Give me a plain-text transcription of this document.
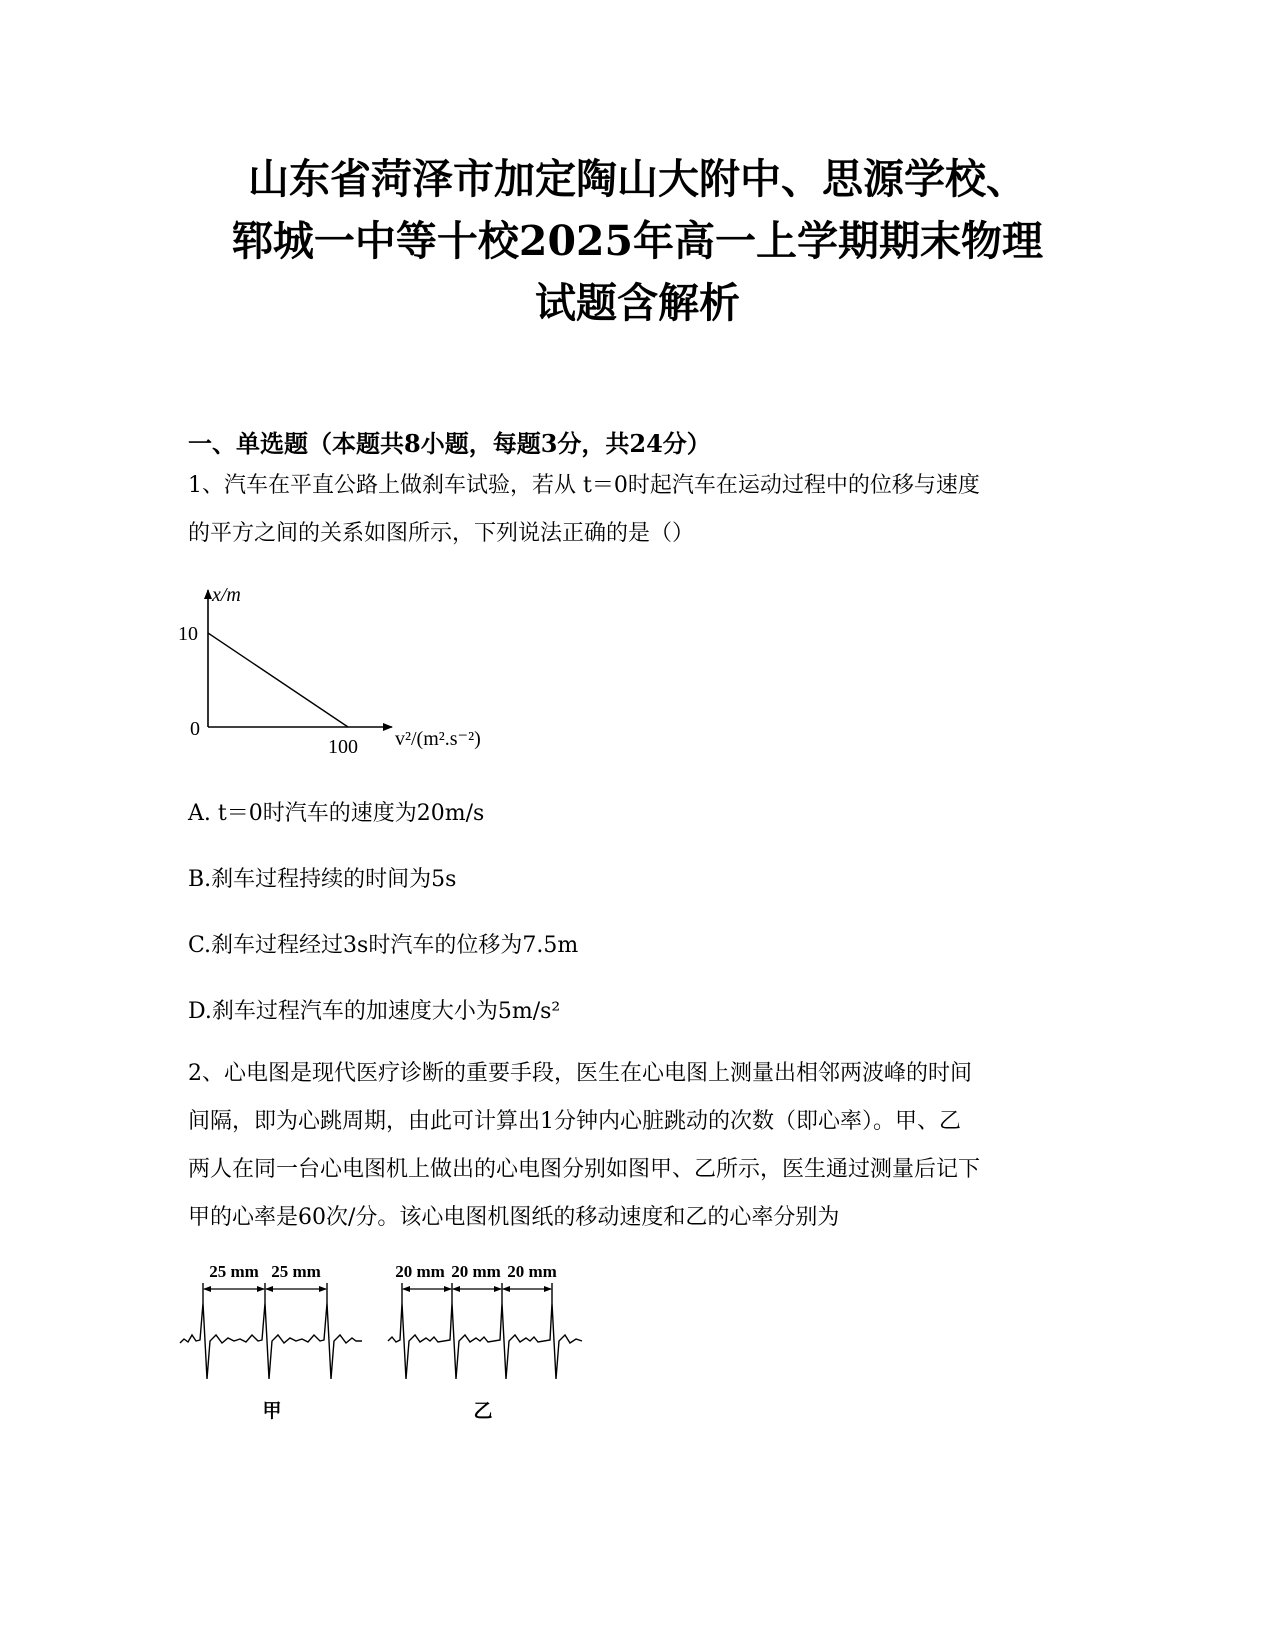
山东省菏泽市加定陶山大附中、思源学校、
郓城一中等十校2025年高一上学期期末物理
试题含解析
一、单选题（本题共8小题，每题3分，共24分）
1、汽车在平直公路上做刹车试验，若从 t＝0时起汽车在运动过程中的位移与速度
的平方之间的关系如图所示，下列说法正确的是（）
x/m
10
0
100 v²/(m².s⁻²)
A. t＝0时汽车的速度为20m/s
B.刹车过程持续的时间为5s
C.刹车过程经过3s时汽车的位移为7.5m
D.刹车过程汽车的加速度大小为5m/s²
2、心电图是现代医疗诊断的重要手段，医生在心电图上测量出相邻两波峰的时间
间隔，即为心跳周期，由此可计算出1分钟内心脏跳动的次数（即心率）。甲、乙
两人在同一台心电图机上做出的心电图分别如图甲、乙所示，医生通过测量后记下
甲的心率是60次/分。该心电图机图纸的移动速度和乙的心率分别为
25 mm 25 mm
甲
20 mm 20 mm 20 mm
乙
